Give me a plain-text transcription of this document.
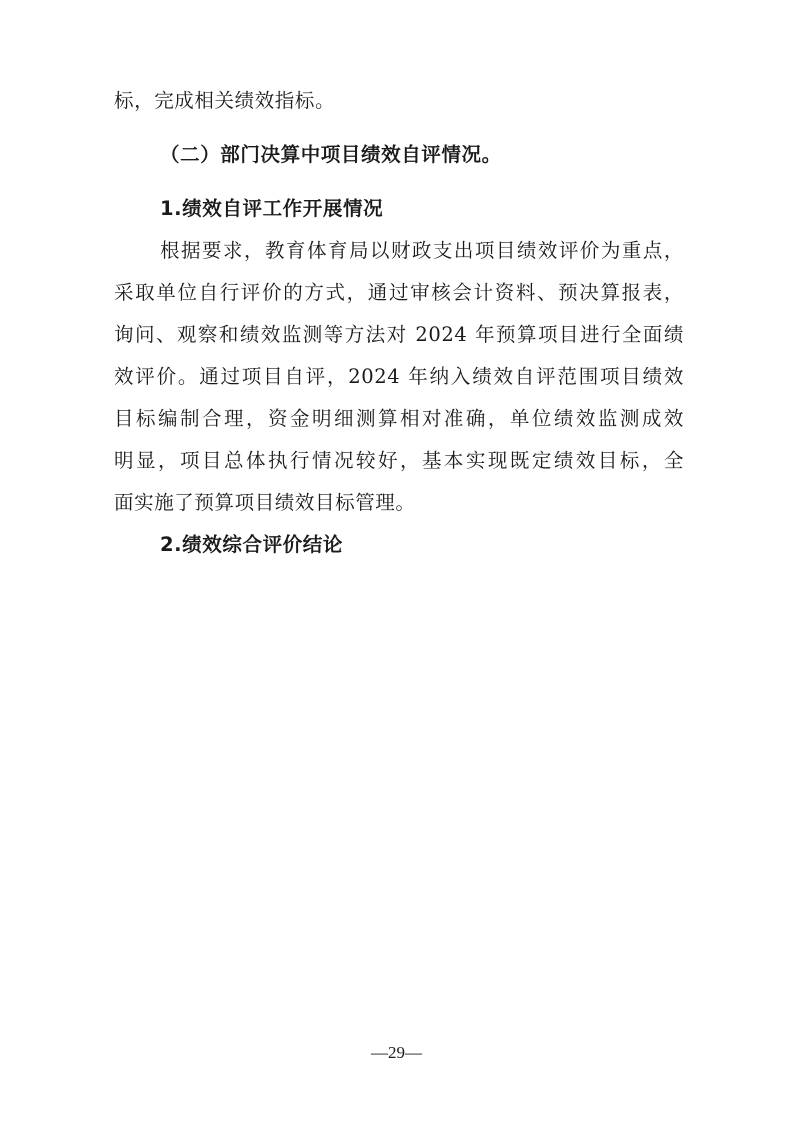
标，完成相关绩效指标。
（二）部门决算中项目绩效自评情况。
1.绩效自评工作开展情况
根据要求，教育体育局以财政支出项目绩效评价为重点，
采取单位自行评价的方式，通过审核会计资料、预决算报表，
询问、观察和绩效监测等方法对 2024 年预算项目进行全面绩
效评价。通过项目自评，2024 年纳入绩效自评范围项目绩效
目标编制合理，资金明细测算相对准确，单位绩效监测成效
明显，项目总体执行情况较好，基本实现既定绩效目标，全
面实施了预算项目绩效目标管理。
2.绩效综合评价结论
—29—
